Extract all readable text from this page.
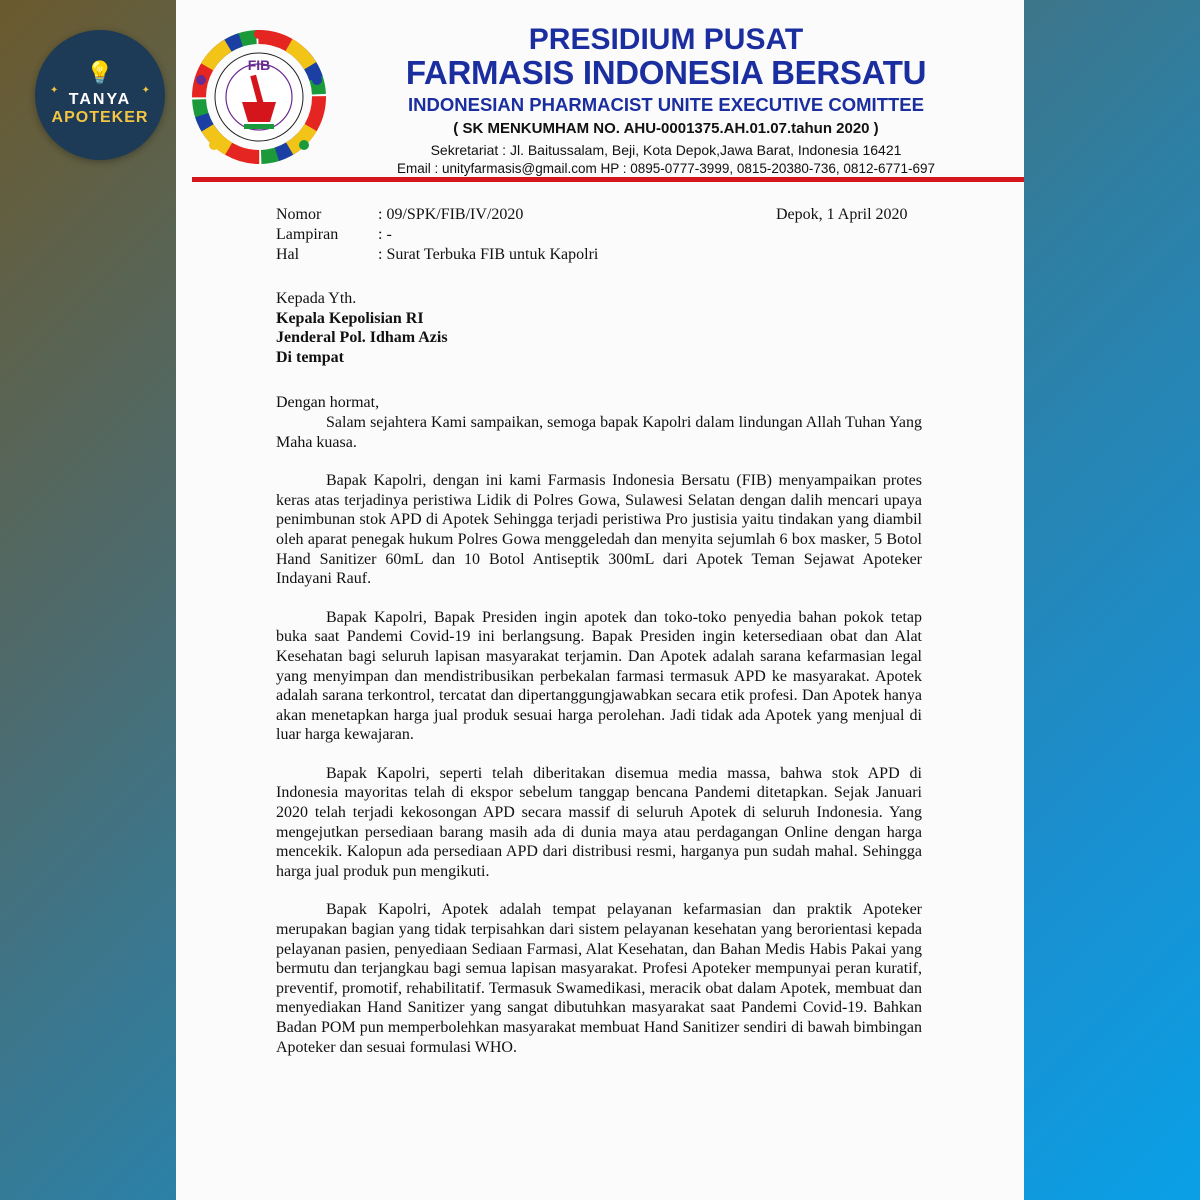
✦	✦
💡
TANYA
APOTEKER
FIB
PRESIDIUM PUSAT
FARMASIS INDONESIA BERSATU
INDONESIAN PHARMACIST UNITE EXECUTIVE COMITTEE
( SK MENKUMHAM NO. AHU-0001375.AH.01.07.tahun 2020 )
Sekretariat : Jl. Baitussalam, Beji, Kota Depok,Jawa Barat, Indonesia 16421
Email : unityfarmasis@gmail.com HP : 0895-0777-3999, 0815-20380-736, 0812-6771-697
Nomor	: 09/SPK/FIB/IV/2020	Depok, 1 April 2020
Lampiran	: -
Hal	: Surat Terbuka FIB untuk Kapolri
Kepada Yth.
Kepala Kepolisian RI
Jenderal Pol. Idham Azis
Di tempat
Dengan hormat,

Salam sejahtera Kami sampaikan, semoga bapak Kapolri dalam lindungan Allah Tuhan Yang Maha kuasa.

Bapak Kapolri, dengan ini kami Farmasis Indonesia Bersatu (FIB) menyampaikan protes keras atas terjadinya peristiwa Lidik di Polres Gowa, Sulawesi Selatan dengan dalih mencari upaya penimbunan stok APD di Apotek Sehingga terjadi peristiwa Pro justisia yaitu tindakan yang diambil oleh aparat penegak hukum Polres Gowa menggeledah dan menyita sejumlah 6 box masker, 5 Botol Hand Sanitizer 60mL dan 10 Botol Antiseptik 300mL dari Apotek Teman Sejawat Apoteker Indayani Rauf.

Bapak Kapolri, Bapak Presiden ingin apotek dan toko-toko penyedia bahan pokok tetap buka saat Pandemi Covid-19 ini berlangsung. Bapak Presiden ingin ketersediaan obat dan Alat Kesehatan bagi seluruh lapisan masyarakat terjamin. Dan Apotek adalah sarana kefarmasian legal yang menyimpan dan mendistribusikan perbekalan farmasi termasuk APD ke masyarakat. Apotek adalah sarana terkontrol, tercatat dan dipertanggungjawabkan secara etik profesi. Dan Apotek hanya akan menetapkan harga jual produk sesuai harga perolehan. Jadi tidak ada Apotek yang menjual di luar harga kewajaran.

Bapak Kapolri, seperti telah diberitakan disemua media massa, bahwa stok APD di Indonesia mayoritas telah di ekspor sebelum tanggap bencana Pandemi ditetapkan. Sejak Januari 2020 telah terjadi kekosongan APD secara massif di seluruh Apotek di seluruh Indonesia. Yang mengejutkan persediaan barang masih ada di dunia maya atau perdagangan Online dengan harga mencekik. Kalopun ada persediaan APD dari distribusi resmi, harganya pun sudah mahal. Sehingga harga jual produk pun mengikuti.

Bapak Kapolri, Apotek adalah tempat pelayanan kefarmasian dan praktik Apoteker merupakan bagian yang tidak terpisahkan dari sistem pelayanan kesehatan yang berorientasi kepada pelayanan pasien, penyediaan Sediaan Farmasi, Alat Kesehatan, dan Bahan Medis Habis Pakai yang bermutu dan terjangkau bagi semua lapisan masyarakat. Profesi Apoteker mempunyai peran kuratif, preventif, promotif, rehabilitatif. Termasuk Swamedikasi, meracik obat dalam Apotek, membuat dan menyediakan Hand Sanitizer yang sangat dibutuhkan masyarakat saat Pandemi Covid-19. Bahkan Badan POM pun memperbolehkan masyarakat membuat Hand Sanitizer sendiri di bawah bimbingan Apoteker dan sesuai formulasi WHO.
